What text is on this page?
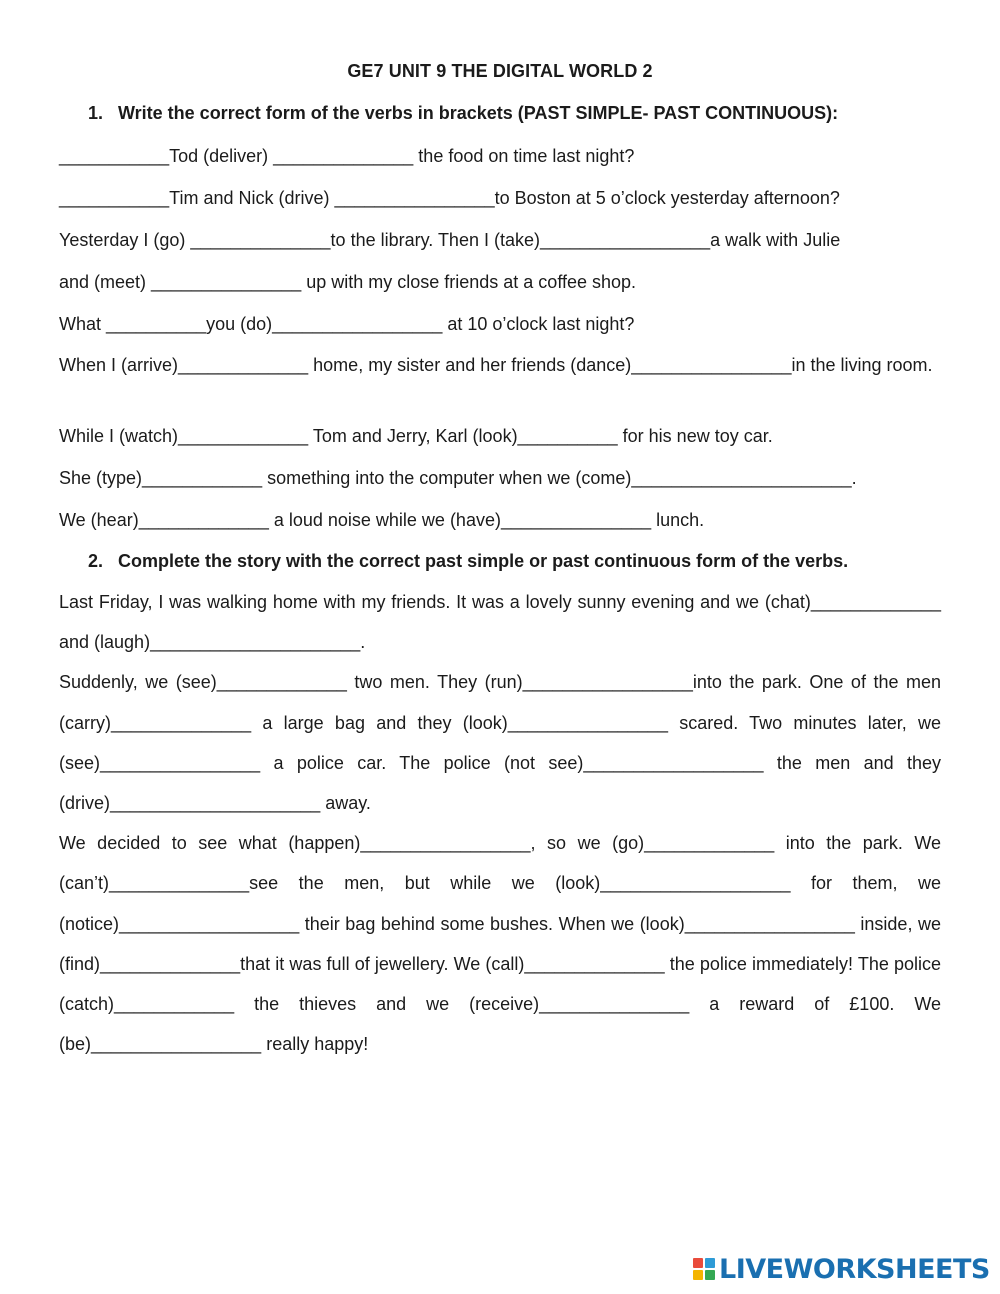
GE7 UNIT 9 THE DIGITAL WORLD 2
1. Write the correct form of the verbs in brackets (PAST SIMPLE- PAST CONTINUOUS):
___________Tod (deliver) ______________ the food on time last night?
___________Tim and Nick (drive) ________________to Boston at 5 o’clock yesterday afternoon?
Yesterday I (go) ______________to the library. Then I (take)_________________a walk with Julie
and (meet) _______________ up with my close friends at a coffee shop.
What __________you (do)_________________ at 10 o’clock last night?
When I (arrive)_____________ home, my sister and her friends (dance)________________in the living room.
While I (watch)_____________ Tom and Jerry, Karl (look)__________ for his new toy car.
She (type)____________ something into the computer when we (come)______________________.
We (hear)_____________ a loud noise while we (have)_______________ lunch.
2. Complete the story with the correct past simple or past continuous form of the verbs.

Last Friday, I was walking home with my friends. It was a lovely sunny evening and we (chat)_____________ and (laugh)_____________________.

Suddenly, we (see)_____________ two men. They (run)_________________into the park. One of the men (carry)______________ a large bag and they (look)________________ scared. Two minutes later, we (see)________________ a police car. The police (not see)__________________ the men and they (drive)_____________________ away.

We decided to see what (happen)_________________, so we (go)_____________ into the park. We (can’t)______________see the men, but while we (look)___________________ for them, we (notice)__________________ their bag behind some bushes. When we (look)_________________ inside, we (find)______________that it was full of jewellery. We (call)______________ the police immediately! The police (catch)____________ the thieves and we (receive)_______________ a reward of £100. We (be)_________________ really happy!

LIVEWORKSHEETS
